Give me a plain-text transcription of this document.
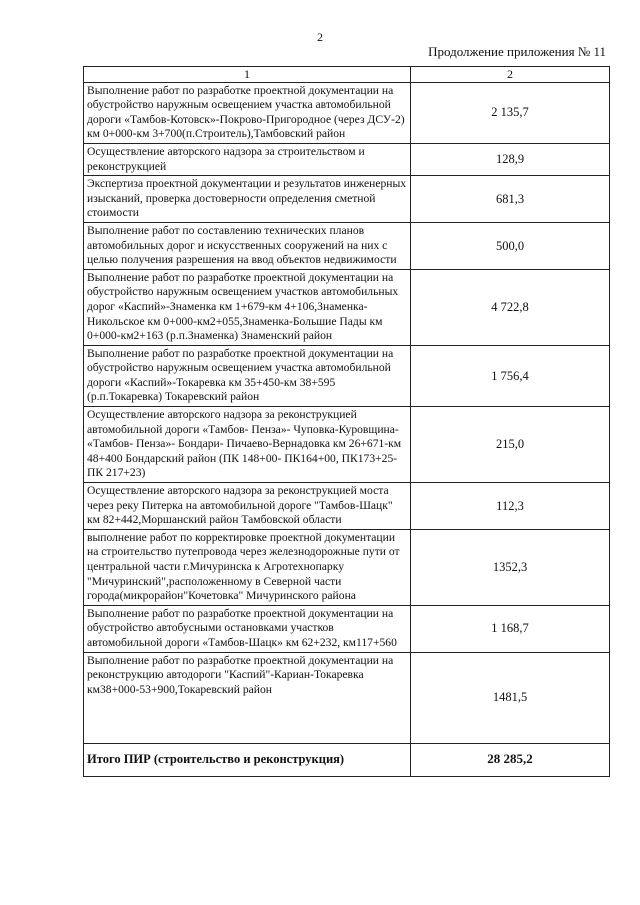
2
Продолжение приложения № 11
1	2
Выполнение работ по разработке проектной документации на обустройство наружным освещением участка автомобильной дороги «Тамбов-Котовск»-Покрово-Пригородное (через ДСУ-2) км 0+000-км 3+700(п.Строитель),Тамбовский район	2 135,7
Осуществление авторского надзора за строительством и реконструкцией	128,9
Экспертиза проектной документации и результатов инженерных изысканий, проверка достоверности определения сметной стоимости	681,3
Выполнение работ по составлению технических планов автомобильных дорог и искусственных сооружений на них с целью получения разрешения на ввод объектов недвижимости	500,0
Выполнение работ по разработке проектной документации на обустройство наружным освещением участков автомобильных дорог «Каспий»-Знаменка км 1+679-км 4+106,Знаменка-Никольское км 0+000-км2+055,Знаменка-Большие Пады км 0+000-км2+163 (р.п.Знаменка) Знаменский район	4 722,8
Выполнение работ по разработке проектной документации на обустройство наружным освещением участка автомобильной дороги «Каспий»-Токаревка км 35+450-км 38+595 (р.п.Токаревка) Токаревский район	1 756,4
Осуществление авторского надзора за реконструкцией автомобильной дороги «Тамбов- Пенза»- Чуповка-Куровщина- «Тамбов- Пенза»- Бондари- Пичаево-Вернадовка км 26+671-км 48+400 Бондарский район (ПК 148+00- ПК164+00, ПК173+25- ПК 217+23)	215,0
Осуществление авторского надзора за реконструкцией моста через реку Питерка на автомобильной дороге "Тамбов-Шацк" км 82+442,Моршанский район Тамбовской области	112,3
выполнение работ по корректировке проектной документации на строительство путепровода через железнодорожные пути от центральной части г.Мичуринска к Агротехнопарку "Мичуринский",расположенному в Северной части города(микрорайон"Кочетовка" Мичуринского района	1352,3
Выполнение работ по разработке проектной документации на обустройство автобусными остановками участков автомобильной дороги «Тамбов-Шацк» км 62+232, км117+560	1 168,7
Выполнение работ по разработке проектной документации на реконструкцию автодороги "Каспий"-Кариан-Токаревка км38+000-53+900,Токаревский район	1481,5
Итого ПИР (строительство и реконструкция)	28 285,2
